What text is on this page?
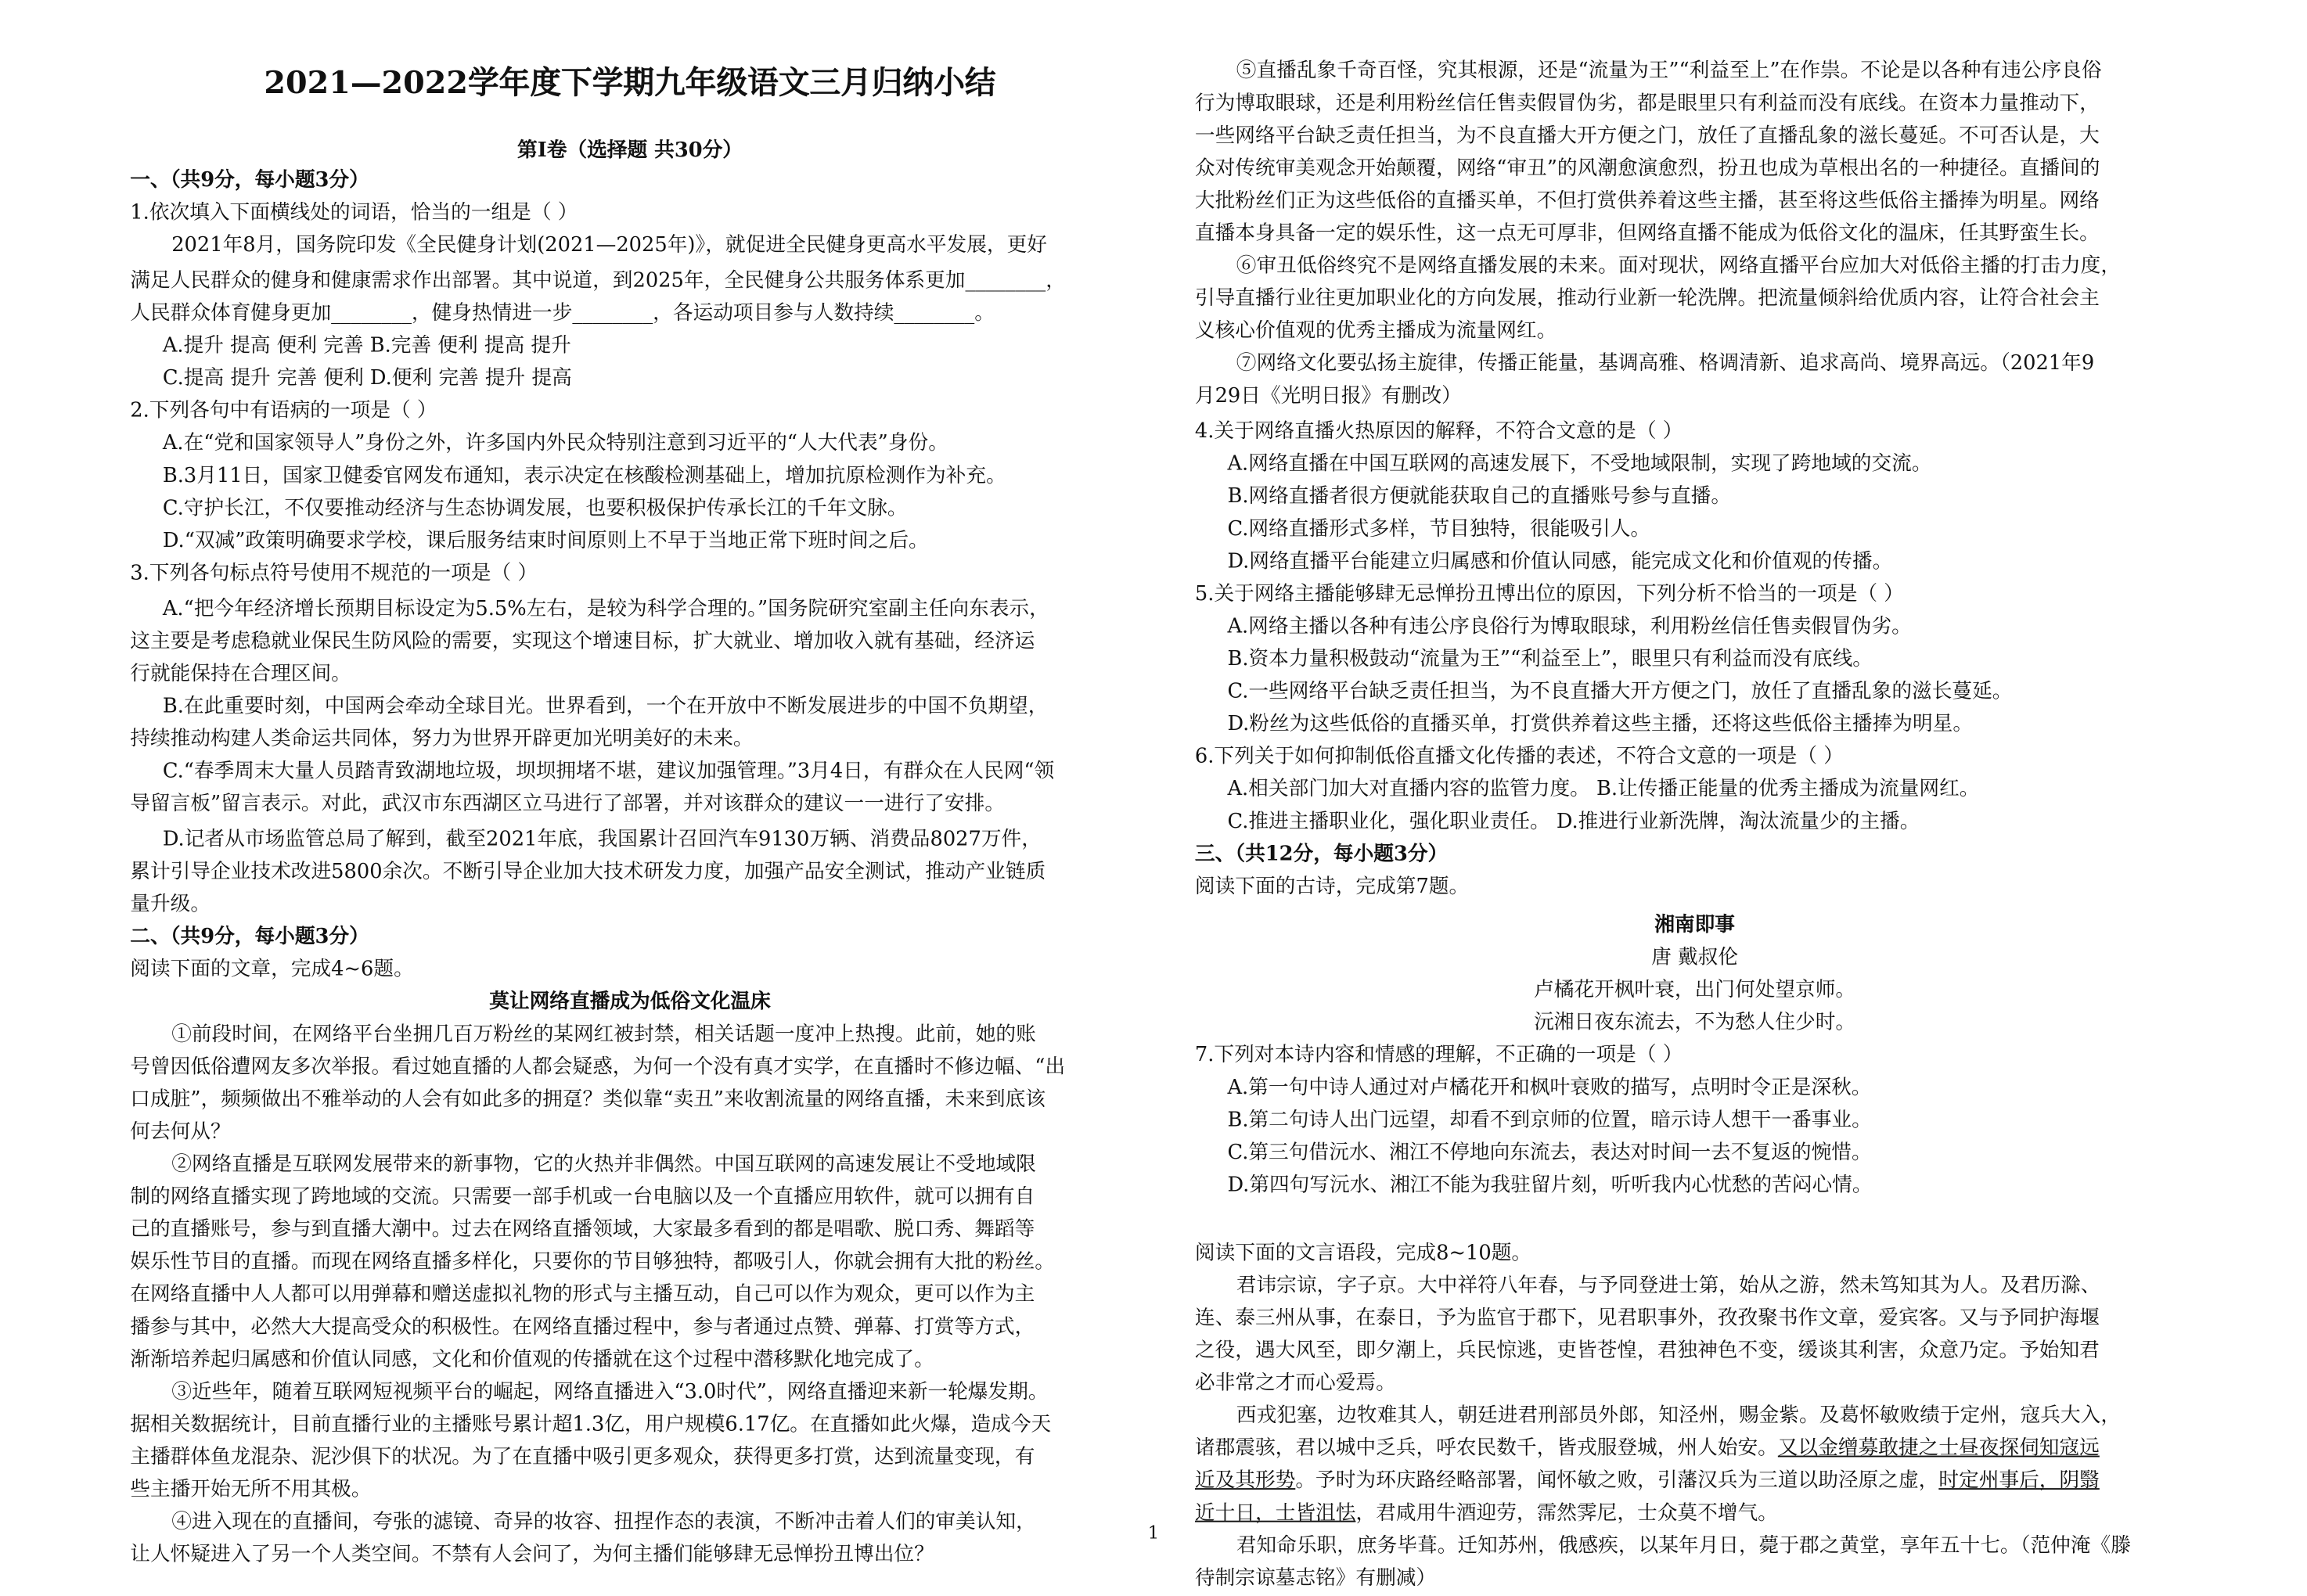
2021—2022学年度下学期九年级语文三月归纳小结
第I卷（选择题 共30分）
一、（共9分，每小题3分）
1.依次填入下面横线处的词语，恰当的一组是（ ）
2021年8月，国务院印发《全民健身计划(2021—2025年)》，就促进全民健身更高水平发展，更好
满足人民群众的健身和健康需求作出部署。其中说道，到2025年，全民健身公共服务体系更加________，
人民群众体育健身更加________，健身热情进一步________，各运动项目参与人数持续________。
A.提升 提高 便利 完善 B.完善 便利 提高 提升
C.提高 提升 完善 便利 D.便利 完善 提升 提高
2.下列各句中有语病的一项是（ ）
A.在“党和国家领导人”身份之外，许多国内外民众特别注意到习近平的“人大代表”身份。
B.3月11日，国家卫健委官网发布通知，表示决定在核酸检测基础上，增加抗原检测作为补充。
C.守护长江，不仅要推动经济与生态协调发展，也要积极保护传承长江的千年文脉。
D.“双减”政策明确要求学校，课后服务结束时间原则上不早于当地正常下班时间之后。
3.下列各句标点符号使用不规范的一项是（ ）
A.“把今年经济增长预期目标设定为5.5%左右，是较为科学合理的。”国务院研究室副主任向东表示，
这主要是考虑稳就业保民生防风险的需要，实现这个增速目标，扩大就业、增加收入就有基础，经济运
行就能保持在合理区间。
B.在此重要时刻，中国两会牵动全球目光。世界看到，一个在开放中不断发展进步的中国不负期望，
持续推动构建人类命运共同体，努力为世界开辟更加光明美好的未来。
C.“春季周末大量人员踏青致湖地垃圾，坝坝拥堵不堪，建议加强管理。”3月4日，有群众在人民网“领
导留言板”留言表示。对此，武汉市东西湖区立马进行了部署，并对该群众的建议一一进行了安排。
D.记者从市场监管总局了解到，截至2021年底，我国累计召回汽车9130万辆、消费品8027万件，
累计引导企业技术改进5800余次。不断引导企业加大技术研发力度，加强产品安全测试，推动产业链质
量升级。
二、（共9分，每小题3分）
阅读下面的文章，完成4~6题。
莫让网络直播成为低俗文化温床
①前段时间，在网络平台坐拥几百万粉丝的某网红被封禁，相关话题一度冲上热搜。此前，她的账
号曾因低俗遭网友多次举报。看过她直播的人都会疑惑，为何一个没有真才实学，在直播时不修边幅、“出
口成脏”，频频做出不雅举动的人会有如此多的拥趸？类似靠“卖丑”来收割流量的网络直播，未来到底该
何去何从？
②网络直播是互联网发展带来的新事物，它的火热并非偶然。中国互联网的高速发展让不受地域限
制的网络直播实现了跨地域的交流。只需要一部手机或一台电脑以及一个直播应用软件，就可以拥有自
己的直播账号，参与到直播大潮中。过去在网络直播领域，大家最多看到的都是唱歌、脱口秀、舞蹈等
娱乐性节目的直播。而现在网络直播多样化，只要你的节目够独特，都吸引人，你就会拥有大批的粉丝。
在网络直播中人人都可以用弹幕和赠送虚拟礼物的形式与主播互动，自己可以作为观众，更可以作为主
播参与其中，必然大大提高受众的积极性。在网络直播过程中，参与者通过点赞、弹幕、打赏等方式，
渐渐培养起归属感和价值认同感，文化和价值观的传播就在这个过程中潜移默化地完成了。
③近些年，随着互联网短视频平台的崛起，网络直播进入“3.0时代”，网络直播迎来新一轮爆发期。
据相关数据统计，目前直播行业的主播账号累计超1.3亿，用户规模6.17亿。在直播如此火爆，造成今天
主播群体鱼龙混杂、泥沙俱下的状况。为了在直播中吸引更多观众，获得更多打赏，达到流量变现，有
些主播开始无所不用其极。
④进入现在的直播间，夸张的滤镜、奇异的妆容、扭捏作态的表演，不断冲击着人们的审美认知，
让人怀疑进入了另一个人类空间。不禁有人会问了，为何主播们能够肆无忌惮扮丑博出位？
⑤直播乱象千奇百怪，究其根源，还是“流量为王”“利益至上”在作祟。不论是以各种有违公序良俗
行为博取眼球，还是利用粉丝信任售卖假冒伪劣，都是眼里只有利益而没有底线。在资本力量推动下，
一些网络平台缺乏责任担当，为不良直播大开方便之门，放任了直播乱象的滋长蔓延。不可否认是，大
众对传统审美观念开始颠覆，网络“审丑”的风潮愈演愈烈，扮丑也成为草根出名的一种捷径。直播间的
大批粉丝们正为这些低俗的直播买单，不但打赏供养着这些主播，甚至将这些低俗主播捧为明星。网络
直播本身具备一定的娱乐性，这一点无可厚非，但网络直播不能成为低俗文化的温床，任其野蛮生长。
⑥审丑低俗终究不是网络直播发展的未来。面对现状，网络直播平台应加大对低俗主播的打击力度，
引导直播行业往更加职业化的方向发展，推动行业新一轮洗牌。把流量倾斜给优质内容，让符合社会主
义核心价值观的优秀主播成为流量网红。
⑦网络文化要弘扬主旋律，传播正能量，基调高雅、格调清新、追求高尚、境界高远。（2021年9
月29日《光明日报》有删改）
4.关于网络直播火热原因的解释，不符合文意的是（ ）
A.网络直播在中国互联网的高速发展下，不受地域限制，实现了跨地域的交流。
B.网络直播者很方便就能获取自己的直播账号参与直播。
C.网络直播形式多样，节目独特，很能吸引人。
D.网络直播平台能建立归属感和价值认同感，能完成文化和价值观的传播。
5.关于网络主播能够肆无忌惮扮丑博出位的原因，下列分析不恰当的一项是（ ）
A.网络主播以各种有违公序良俗行为博取眼球，利用粉丝信任售卖假冒伪劣。
B.资本力量积极鼓动“流量为王”“利益至上”，眼里只有利益而没有底线。
C.一些网络平台缺乏责任担当，为不良直播大开方便之门，放任了直播乱象的滋长蔓延。
D.粉丝为这些低俗的直播买单，打赏供养着这些主播，还将这些低俗主播捧为明星。
6.下列关于如何抑制低俗直播文化传播的表述，不符合文意的一项是（ ）
A.相关部门加大对直播内容的监管力度。 B.让传播正能量的优秀主播成为流量网红。
C.推进主播职业化，强化职业责任。 D.推进行业新洗牌，淘汰流量少的主播。
三、（共12分，每小题3分）
阅读下面的古诗，完成第7题。
湘南即事
唐 戴叔伦
卢橘花开枫叶衰，出门何处望京师。
沅湘日夜东流去，不为愁人住少时。
7.下列对本诗内容和情感的理解，不正确的一项是（ ）
A.第一句中诗人通过对卢橘花开和枫叶衰败的描写，点明时令正是深秋。
B.第二句诗人出门远望，却看不到京师的位置，暗示诗人想干一番事业。
C.第三句借沅水、湘江不停地向东流去，表达对时间一去不复返的惋惜。
D.第四句写沅水、湘江不能为我驻留片刻，听听我内心忧愁的苦闷心情。
阅读下面的文言语段，完成8~10题。
君讳宗谅，字子京。大中祥符八年春，与予同登进士第，始从之游，然未笃知其为人。及君历滁、
连、泰三州从事，在泰日，予为监官于郡下，见君职事外，孜孜聚书作文章，爱宾客。又与予同护海堰
之役，遇大风至，即夕潮上，兵民惊逃，吏皆苍惶，君独神色不变，缓谈其利害，众意乃定。予始知君
必非常之才而心爱焉。
西戎犯塞，边牧难其人，朝廷进君刑部员外郎，知泾州，赐金紫。及葛怀敏败绩于定州，寇兵大入，
诸郡震骇，君以城中乏兵，呼农民数千，皆戎服登城，州人始安。又以金缯募敢捷之士昼夜探伺知寇远
近及其形势。予时为环庆路经略部署，闻怀敏之败，引藩汉兵为三道以助泾原之虚，时定州事后，阴翳
近十日，士皆沮怯，君咸用牛酒迎劳，霈然霁尼，士众莫不增气。
君知命乐职，庶务毕葺。迁知苏州，俄感疾，以某年月日，薨于郡之黄堂，享年五十七。（范仲淹《滕
待制宗谅墓志铭》有删减）
1
